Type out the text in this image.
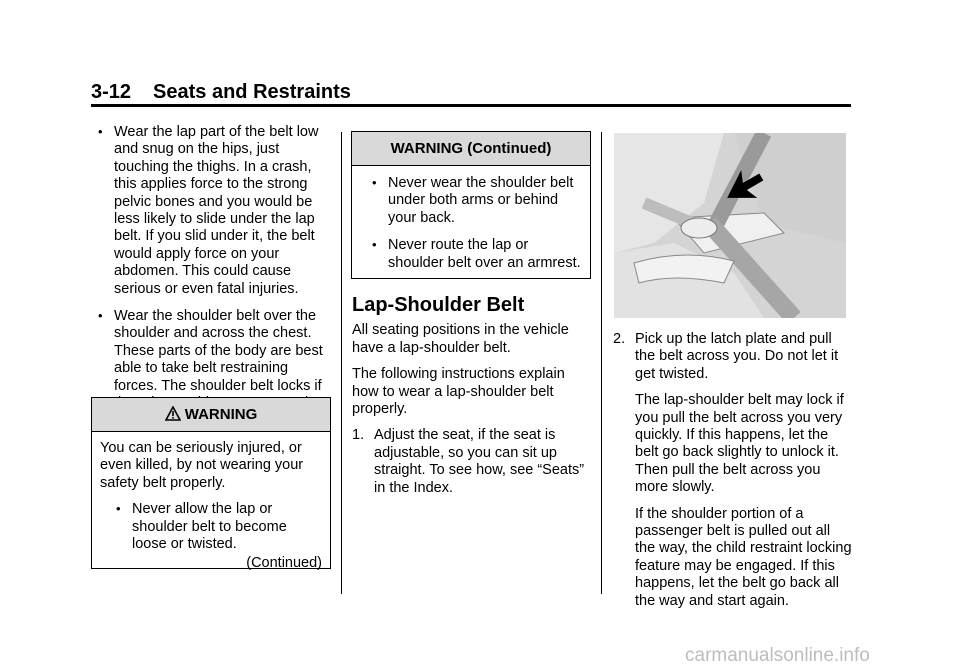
3-12 Seats and Restraints
• Wear the lap part of the belt low and snug on the hips, just touching the thighs. In a crash, this applies force to the strong pelvic bones and you would be less likely to slide under the lap belt. If you slid under it, the belt would apply force on your abdomen. This could cause serious or even fatal injuries.
• Wear the shoulder belt over the shoulder and across the chest. These parts of the body are best able to take belt restraining forces. The shoulder belt locks if
WARNING

You can be seriously injured, or even killed, by not wearing your safety belt properly.

• Never allow the lap or shoulder belt to become loose or twisted.
(Continued)
WARNING (Continued)
• Never wear the shoulder belt under both arms or behind your back.
• Never route the lap or shoulder belt over an armrest.
Lap-Shoulder Belt

All seating positions in the vehicle have a lap-shoulder belt.

The following instructions explain how to wear a lap-shoulder belt properly.

1. Adjust the seat, if the seat is adjustable, so you can sit up straight. To see how, see “Seats” in the Index.
2. Pick up the latch plate and pull the belt across you. Do not let it get twisted.

The lap-shoulder belt may lock if you pull the belt across you very quickly. If this happens, let the belt go back slightly to unlock it. Then pull the belt across you more slowly.

If the shoulder portion of a passenger belt is pulled out all the way, the child restraint locking feature may be engaged. If this happens, let the belt go back all the way and start again.

carmanualsonline.info
